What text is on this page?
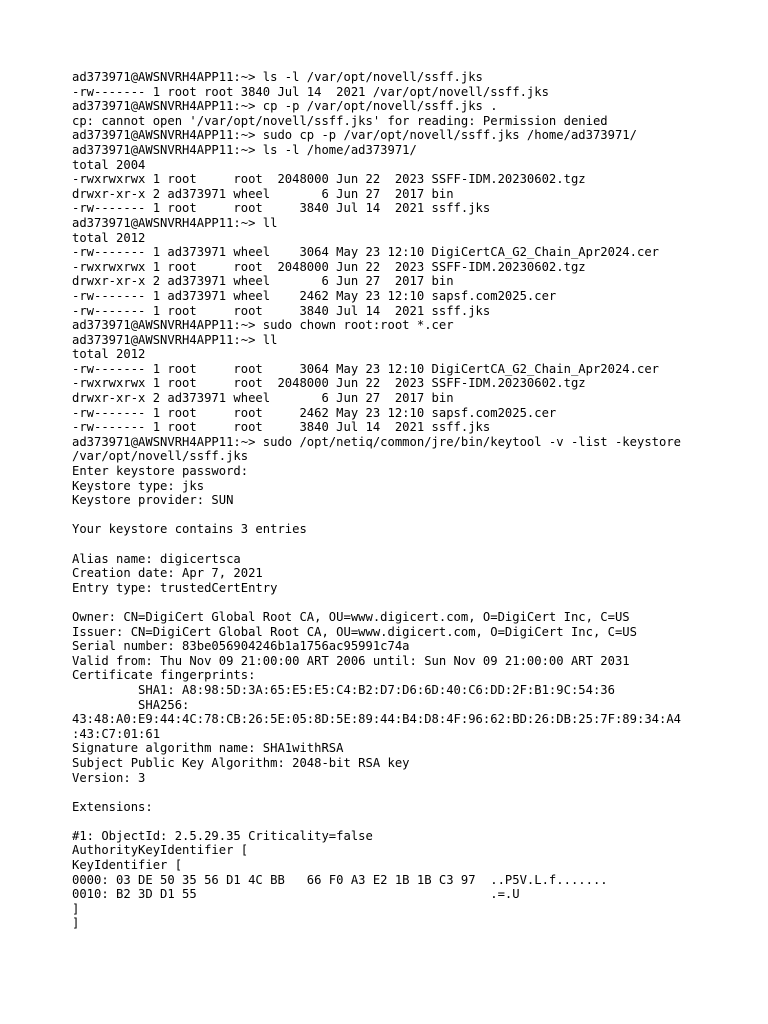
ad373971@AWSNVRH4APP11:~> ls -l /var/opt/novell/ssff.jks
-rw------- 1 root root 3840 Jul 14  2021 /var/opt/novell/ssff.jks
ad373971@AWSNVRH4APP11:~> cp -p /var/opt/novell/ssff.jks .
cp: cannot open '/var/opt/novell/ssff.jks' for reading: Permission denied
ad373971@AWSNVRH4APP11:~> sudo cp -p /var/opt/novell/ssff.jks /home/ad373971/
ad373971@AWSNVRH4APP11:~> ls -l /home/ad373971/
total 2004
-rwxrwxrwx 1 root     root  2048000 Jun 22  2023 SSFF-IDM.20230602.tgz
drwxr-xr-x 2 ad373971 wheel       6 Jun 27  2017 bin
-rw------- 1 root     root     3840 Jul 14  2021 ssff.jks
ad373971@AWSNVRH4APP11:~> ll
total 2012
-rw------- 1 ad373971 wheel    3064 May 23 12:10 DigiCertCA_G2_Chain_Apr2024.cer
-rwxrwxrwx 1 root     root  2048000 Jun 22  2023 SSFF-IDM.20230602.tgz
drwxr-xr-x 2 ad373971 wheel       6 Jun 27  2017 bin
-rw------- 1 ad373971 wheel    2462 May 23 12:10 sapsf.com2025.cer
-rw------- 1 root     root     3840 Jul 14  2021 ssff.jks
ad373971@AWSNVRH4APP11:~> sudo chown root:root *.cer
ad373971@AWSNVRH4APP11:~> ll
total 2012
-rw------- 1 root     root     3064 May 23 12:10 DigiCertCA_G2_Chain_Apr2024.cer
-rwxrwxrwx 1 root     root  2048000 Jun 22  2023 SSFF-IDM.20230602.tgz
drwxr-xr-x 2 ad373971 wheel       6 Jun 27  2017 bin
-rw------- 1 root     root     2462 May 23 12:10 sapsf.com2025.cer
-rw------- 1 root     root     3840 Jul 14  2021 ssff.jks
ad373971@AWSNVRH4APP11:~> sudo /opt/netiq/common/jre/bin/keytool -v -list -keystore
/var/opt/novell/ssff.jks
Enter keystore password:
Keystore type: jks
Keystore provider: SUN
Your keystore contains 3 entries
Alias name: digicertsca
Creation date: Apr 7, 2021
Entry type: trustedCertEntry
Owner: CN=DigiCert Global Root CA, OU=www.digicert.com, O=DigiCert Inc, C=US
Issuer: CN=DigiCert Global Root CA, OU=www.digicert.com, O=DigiCert Inc, C=US
Serial number: 83be056904246b1a1756ac95991c74a
Valid from: Thu Nov 09 21:00:00 ART 2006 until: Sun Nov 09 21:00:00 ART 2031
Certificate fingerprints:
SHA1: A8:98:5D:3A:65:E5:E5:C4:B2:D7:D6:6D:40:C6:DD:2F:B1:9C:54:36
SHA256:
43:48:A0:E9:44:4C:78:CB:26:5E:05:8D:5E:89:44:B4:D8:4F:96:62:BD:26:DB:25:7F:89:34:A4
:43:C7:01:61
Signature algorithm name: SHA1withRSA
Subject Public Key Algorithm: 2048-bit RSA key
Version: 3
Extensions:
#1: ObjectId: 2.5.29.35 Criticality=false
AuthorityKeyIdentifier [
KeyIdentifier [
0000: 03 DE 50 35 56 D1 4C BB   66 F0 A3 E2 1B 1B C3 97  ..P5V.L.f.......
0010: B2 3D D1 55                                        .=.U
]
]
